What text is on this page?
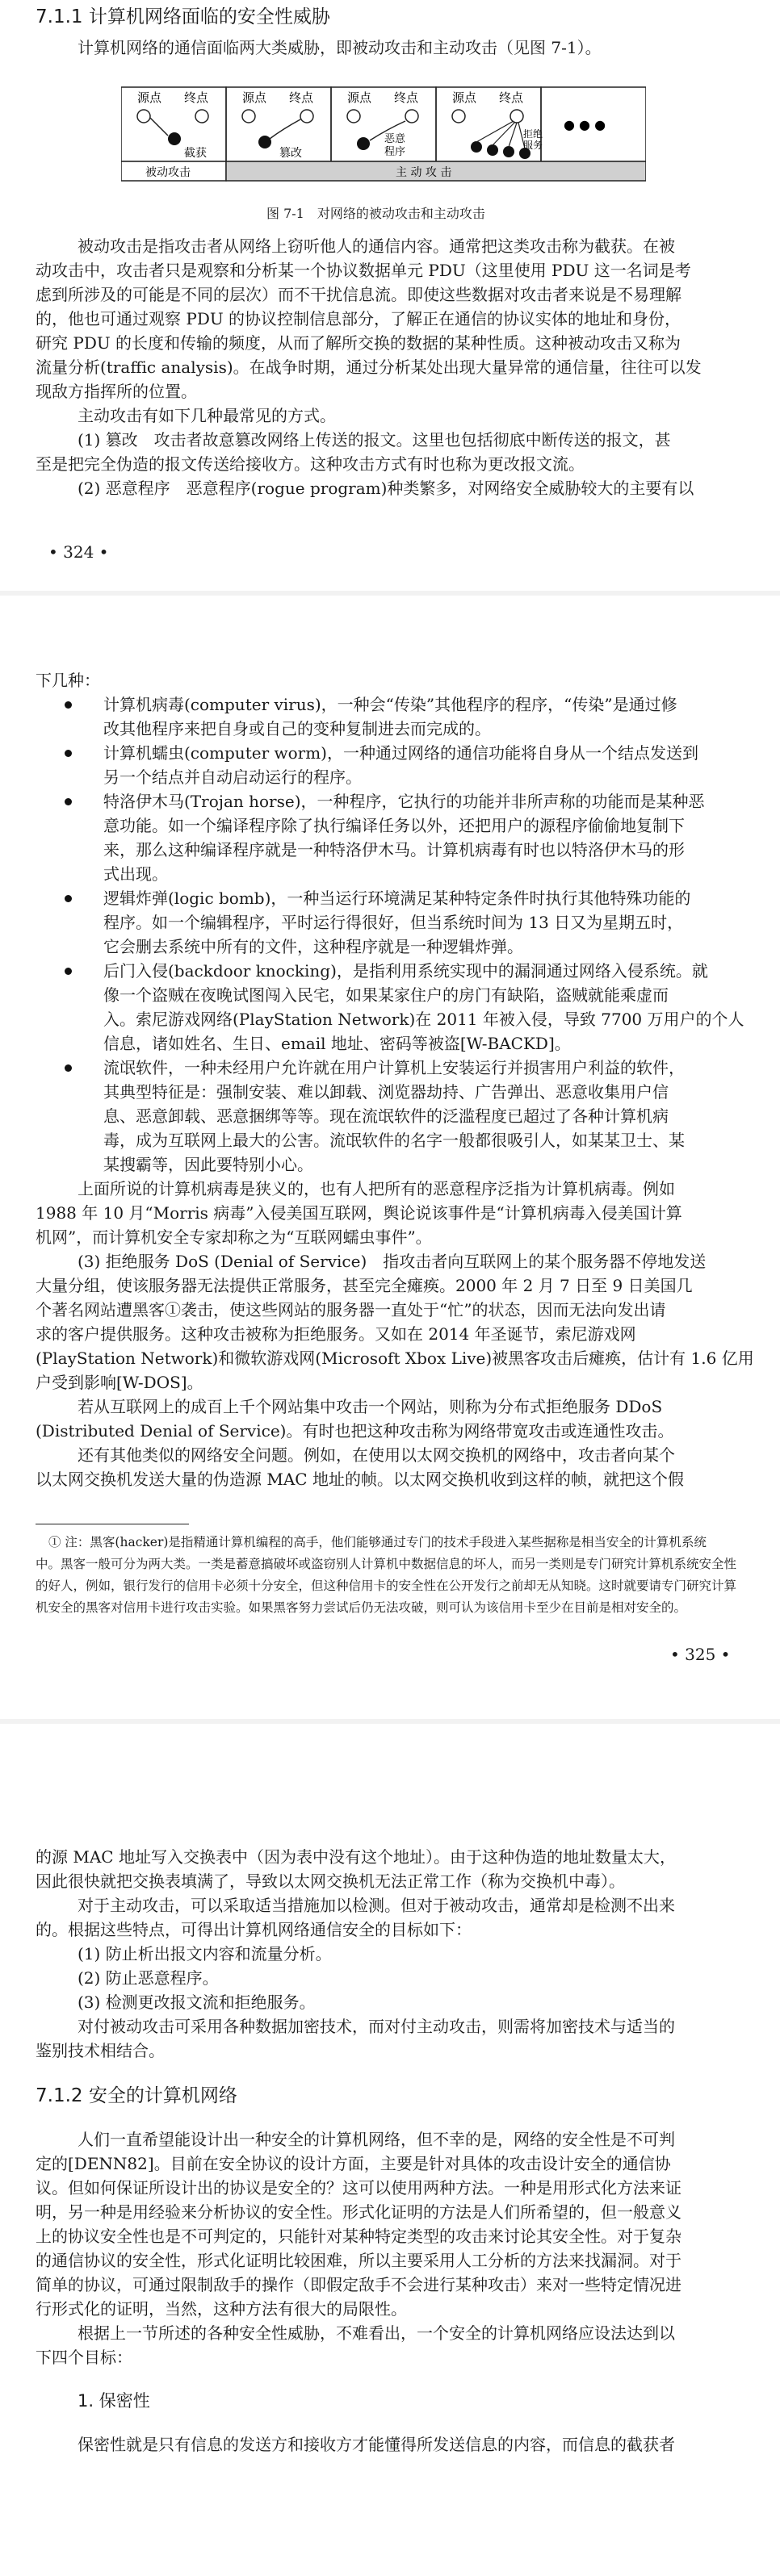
7.1.1 计算机网络面临的安全性威胁
计算机网络的通信面临两大类威胁，即被动攻击和主动攻击（见图 7-1）。
源点 终点
截获
源点 终点
篡改
源点 终点
恶意
程序
源点 终点
拒绝
服务
● ● ●
被动攻击	主 动 攻 击
图 7-1　对网络的被动攻击和主动攻击
被动攻击是指攻击者从网络上窃听他人的通信内容。通常把这类攻击称为截获。在被
动攻击中，攻击者只是观察和分析某一个协议数据单元 PDU（这里使用 PDU 这一名词是考
虑到所涉及的可能是不同的层次）而不干扰信息流。即使这些数据对攻击者来说是不易理解
的，他也可通过观察 PDU 的协议控制信息部分，了解正在通信的协议实体的地址和身份，
研究 PDU 的长度和传输的频度，从而了解所交换的数据的某种性质。这种被动攻击又称为
流量分析(traffic analysis)。在战争时期，通过分析某处出现大量异常的通信量，往往可以发
现敌方指挥所的位置。
主动攻击有如下几种最常见的方式。
(1) 篡改　攻击者故意篡改网络上传送的报文。这里也包括彻底中断传送的报文，甚
至是把完全伪造的报文传送给接收方。这种攻击方式有时也称为更改报文流。
(2) 恶意程序　恶意程序(rogue program)种类繁多，对网络安全威胁较大的主要有以
• 324 •
下几种：
计算机病毒(computer virus)，一种会“传染”其他程序的程序，“传染”是通过修
改其他程序来把自身或自己的变种复制进去而完成的。
计算机蠕虫(computer worm)，一种通过网络的通信功能将自身从一个结点发送到
另一个结点并自动启动运行的程序。
特洛伊木马(Trojan horse)，一种程序，它执行的功能并非所声称的功能而是某种恶
意功能。如一个编译程序除了执行编译任务以外，还把用户的源程序偷偷地复制下
来，那么这种编译程序就是一种特洛伊木马。计算机病毒有时也以特洛伊木马的形
式出现。
逻辑炸弹(logic bomb)，一种当运行环境满足某种特定条件时执行其他特殊功能的
程序。如一个编辑程序，平时运行得很好，但当系统时间为 13 日又为星期五时，
它会删去系统中所有的文件，这种程序就是一种逻辑炸弹。
后门入侵(backdoor knocking)，是指利用系统实现中的漏洞通过网络入侵系统。就
像一个盗贼在夜晚试图闯入民宅，如果某家住户的房门有缺陷，盗贼就能乘虚而
入。索尼游戏网络(PlayStation Network)在 2011 年被入侵，导致 7700 万用户的个人
信息，诸如姓名、生日、email 地址、密码等被盗[W-BACKD]。
流氓软件，一种未经用户允许就在用户计算机上安装运行并损害用户利益的软件，
其典型特征是：强制安装、难以卸载、浏览器劫持、广告弹出、恶意收集用户信
息、恶意卸载、恶意捆绑等等。现在流氓软件的泛滥程度已超过了各种计算机病
毒，成为互联网上最大的公害。流氓软件的名字一般都很吸引人，如某某卫士、某
某搜霸等，因此要特别小心。
上面所说的计算机病毒是狭义的，也有人把所有的恶意程序泛指为计算机病毒。例如
1988 年 10 月“Morris 病毒”入侵美国互联网，舆论说该事件是“计算机病毒入侵美国计算
机网”，而计算机安全专家却称之为“互联网蠕虫事件”。
(3) 拒绝服务 DoS (Denial of Service)　指攻击者向互联网上的某个服务器不停地发送
大量分组，使该服务器无法提供正常服务，甚至完全瘫痪。2000 年 2 月 7 日至 9 日美国几
个著名网站遭黑客①袭击，使这些网站的服务器一直处于“忙”的状态，因而无法向发出请
求的客户提供服务。这种攻击被称为拒绝服务。又如在 2014 年圣诞节，索尼游戏网
(PlayStation Network)和微软游戏网(Microsoft Xbox Live)被黑客攻击后瘫痪，估计有 1.6 亿用
户受到影响[W-DOS]。
若从互联网上的成百上千个网站集中攻击一个网站，则称为分布式拒绝服务 DDoS
(Distributed Denial of Service)。有时也把这种攻击称为网络带宽攻击或连通性攻击。
还有其他类似的网络安全问题。例如，在使用以太网交换机的网络中，攻击者向某个
以太网交换机发送大量的伪造源 MAC 地址的帧。以太网交换机收到这样的帧，就把这个假
① 注：黑客(hacker)是指精通计算机编程的高手，他们能够通过专门的技术手段进入某些据称是相当安全的计算机系统
中。黑客一般可分为两大类。一类是蓄意搞破坏或盗窃别人计算机中数据信息的坏人，而另一类则是专门研究计算机系统安全性
的好人，例如，银行发行的信用卡必须十分安全，但这种信用卡的安全性在公开发行之前却无从知晓。这时就要请专门研究计算
机安全的黑客对信用卡进行攻击实验。如果黑客努力尝试后仍无法攻破，则可认为该信用卡至少在目前是相对安全的。
• 325 •
的源 MAC 地址写入交换表中（因为表中没有这个地址）。由于这种伪造的地址数量太大，
因此很快就把交换表填满了，导致以太网交换机无法正常工作（称为交换机中毒）。
对于主动攻击，可以采取适当措施加以检测。但对于被动攻击，通常却是检测不出来
的。根据这些特点，可得出计算机网络通信安全的目标如下：
(1) 防止析出报文内容和流量分析。
(2) 防止恶意程序。
(3) 检测更改报文流和拒绝服务。
对付被动攻击可采用各种数据加密技术，而对付主动攻击，则需将加密技术与适当的
鉴别技术相结合。
7.1.2 安全的计算机网络
人们一直希望能设计出一种安全的计算机网络，但不幸的是，网络的安全性是不可判
定的[DENN82]。目前在安全协议的设计方面，主要是针对具体的攻击设计安全的通信协
议。但如何保证所设计出的协议是安全的？这可以使用两种方法。一种是用形式化方法来证
明，另一种是用经验来分析协议的安全性。形式化证明的方法是人们所希望的，但一般意义
上的协议安全性也是不可判定的，只能针对某种特定类型的攻击来讨论其安全性。对于复杂
的通信协议的安全性，形式化证明比较困难，所以主要采用人工分析的方法来找漏洞。对于
简单的协议，可通过限制敌手的操作（即假定敌手不会进行某种攻击）来对一些特定情况进
行形式化的证明，当然，这种方法有很大的局限性。
根据上一节所述的各种安全性威胁，不难看出，一个安全的计算机网络应设法达到以
下四个目标：
1. 保密性
保密性就是只有信息的发送方和接收方才能懂得所发送信息的内容，而信息的截获者
